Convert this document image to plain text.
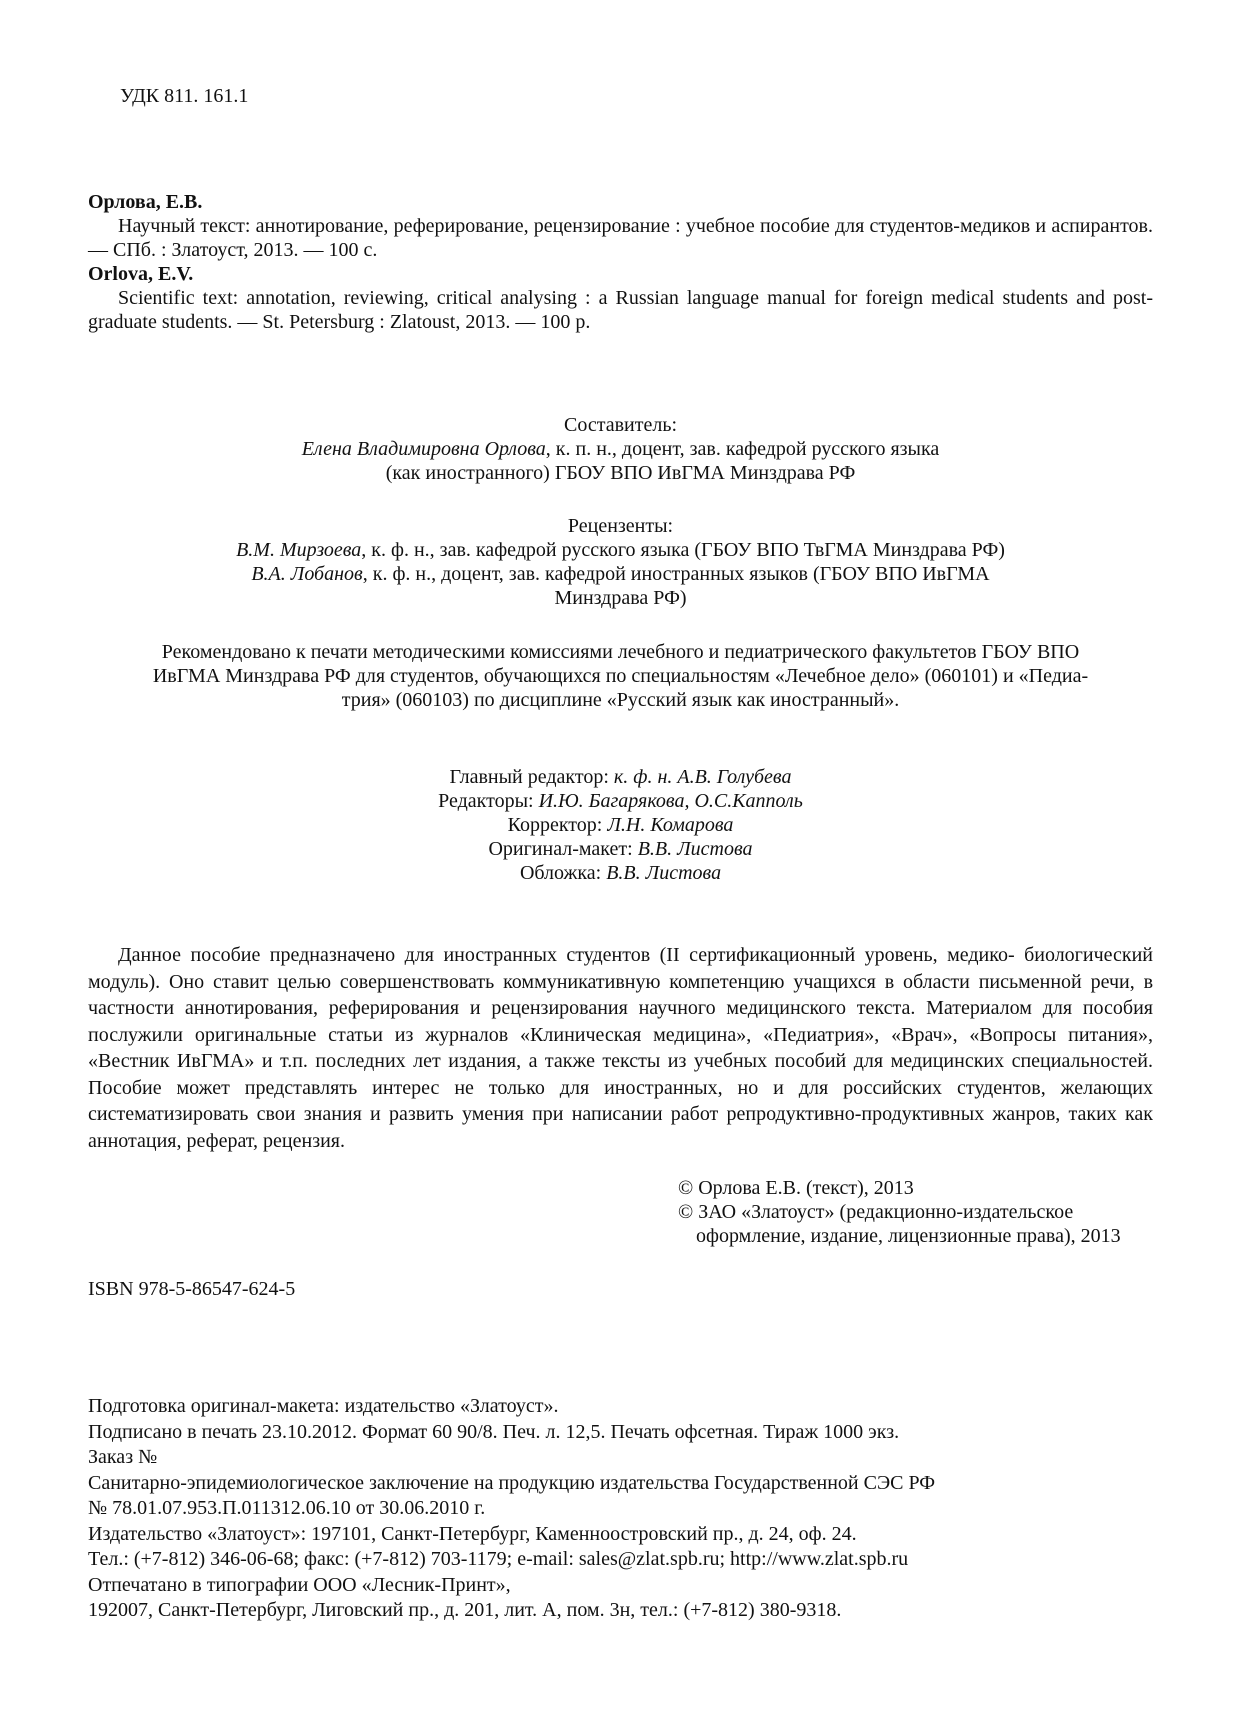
УДК 811. 161.1

Орлова, Е.В.

Научный текст: аннотирование, реферирование, рецензирование : учебное пособие для студентов-медиков и аспирантов. — СПб. : Златоуст, 2013. — 100 с.

Orlova, E.V.

Scientific text: annotation, reviewing, critical analysing : a Russian language manual for foreign medical students and post-graduate students. — St. Petersburg : Zlatoust, 2013. — 100 p.

Составитель:

Елена Владимировна Орлова, к. п. н., доцент, зав. кафедрой русского языка

(как иностранного) ГБОУ ВПО ИвГМА Минздрава РФ

Рецензенты:

В.М. Мирзоева, к. ф. н., зав. кафедрой русского языка (ГБОУ ВПО ТвГМА Минздрава РФ)

В.А. Лобанов, к. ф. н., доцент, зав. кафедрой иностранных языков (ГБОУ ВПО ИвГМА

Минздрава РФ)

Рекомендовано к печати методическими комиссиями лечебного и педиатрического факультетов ГБОУ ВПО

ИвГМА Минздрава РФ для студентов, обучающихся по специальностям «Лечебное дело» (060101) и «Педиа-

трия» (060103) по дисциплине «Русский язык как иностранный».

Главный редактор: к. ф. н. А.В. Голубева

Редакторы: И.Ю. Багарякова, О.С.Капполь

Корректор: Л.Н. Комарова

Оригинал-макет: В.В. Листова

Обложка: В.В. Листова

Данное пособие предназначено для иностранных студентов (II сертификационный уровень, медико- биологический модуль). Оно ставит целью совершенствовать коммуникативную компетенцию учащихся в области письменной речи, в частности аннотирования, реферирования и рецензирования научного медицинского текста. Материалом для пособия послужили оригинальные статьи из журналов «Клиническая медицина», «Педиатрия», «Врач», «Вопросы питания», «Вестник ИвГМА» и т.п. последних лет издания, а также тексты из учебных пособий для медицинских специальностей. Пособие может представлять интерес не только для иностранных, но и для российских студентов, желающих систематизировать свои знания и развить умения при написании работ репродуктивно-продуктивных жанров, таких как аннотация, реферат, рецензия.

© Орлова Е.В. (текст), 2013

© ЗАО «Златоуст» (редакционно-издательское

оформление, издание, лицензионные права), 2013

ISBN 978-5-86547-624-5

Подготовка оригинал-макета: издательство «Златоуст».

Подписано в печать 23.10.2012. Формат 60 90/8. Печ. л. 12,5. Печать офсетная. Тираж 1000 экз.

Заказ №

Санитарно-эпидемиологическое заключение на продукцию издательства Государственной СЭС РФ

№ 78.01.07.953.П.011312.06.10 от 30.06.2010 г.

Издательство «Златоуст»: 197101, Санкт-Петербург, Каменноостровский пр., д. 24, оф. 24.

Тел.: (+7-812) 346-06-68; факс: (+7-812) 703-1179; e-mail: sales@zlat.spb.ru; http://www.zlat.spb.ru

Отпечатано в типографии ООО «Лесник-Принт»,

192007, Санкт-Петербург, Лиговский пр., д. 201, лит. А, пом. 3н, тел.: (+7-812) 380-9318.
